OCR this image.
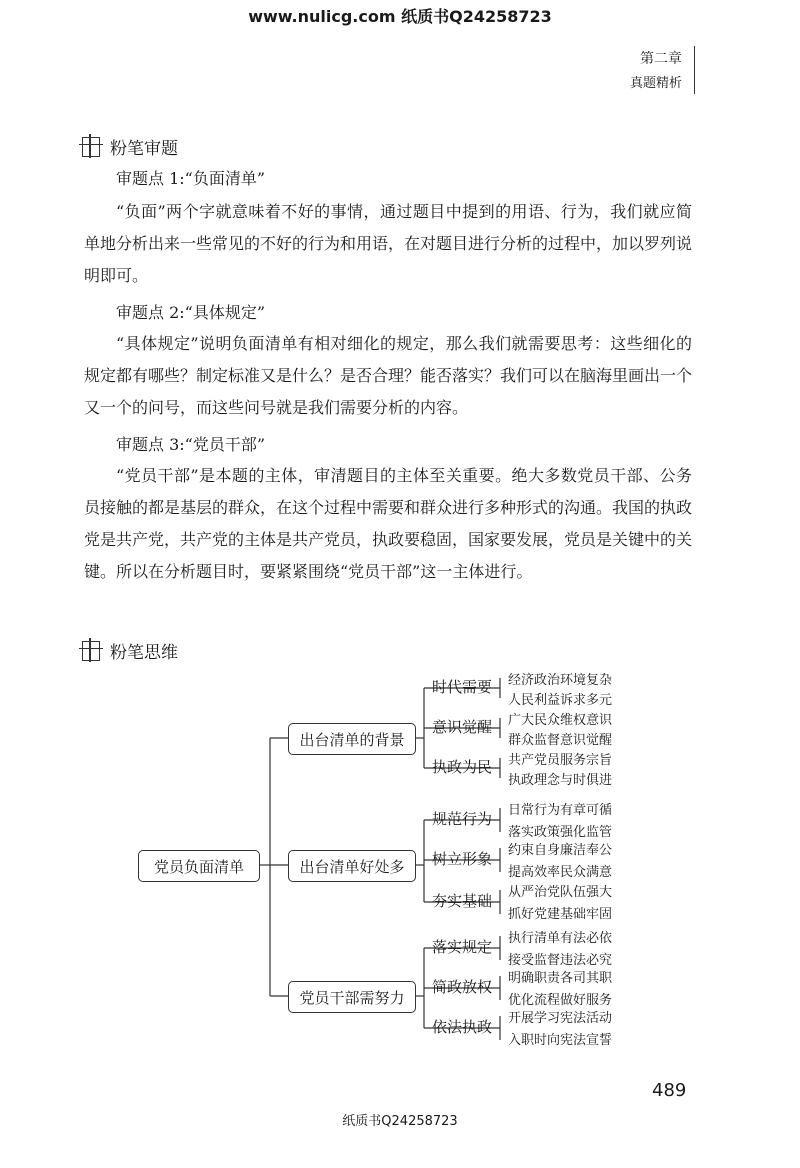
www.nulicg.com 纸质书Q24258723
第二章
真题精析
粉笔审题
审题点 1:“负面清单”
“负面”两个字就意味着不好的事情，通过题目中提到的用语、行为，我们就应简单地分析出来一些常见的不好的行为和用语，在对题目进行分析的过程中，加以罗列说明即可。
审题点 2:“具体规定”
“具体规定”说明负面清单有相对细化的规定，那么我们就需要思考：这些细化的规定都有哪些？制定标准又是什么？是否合理？能否落实？我们可以在脑海里画出一个又一个的问号，而这些问号就是我们需要分析的内容。
审题点 3:“党员干部”
“党员干部”是本题的主体，审清题目的主体至关重要。绝大多数党员干部、公务员接触的都是基层的群众，在这个过程中需要和群众进行多种形式的沟通。我国的执政党是共产党，共产党的主体是共产党员，执政要稳固，国家要发展，党员是关键中的关键。所以在分析题目时，要紧紧围绕“党员干部”这一主体进行。
粉笔思维
党员负面清单
出台清单的背景
出台清单好处多
党员干部需努力
时代需要
意识觉醒
执政为民
规范行为
树立形象
夯实基础
落实规定
简政放权
依法执政
经济政治环境复杂
人民利益诉求多元
广大民众维权意识
群众监督意识觉醒
共产党员服务宗旨
执政理念与时俱进
日常行为有章可循
落实政策强化监管
约束自身廉洁奉公
提高效率民众满意
从严治党队伍强大
抓好党建基础牢固
执行清单有法必依
接受监督违法必究
明确职责各司其职
优化流程做好服务
开展学习宪法活动
入职时向宪法宣誓
489
纸质书Q24258723
